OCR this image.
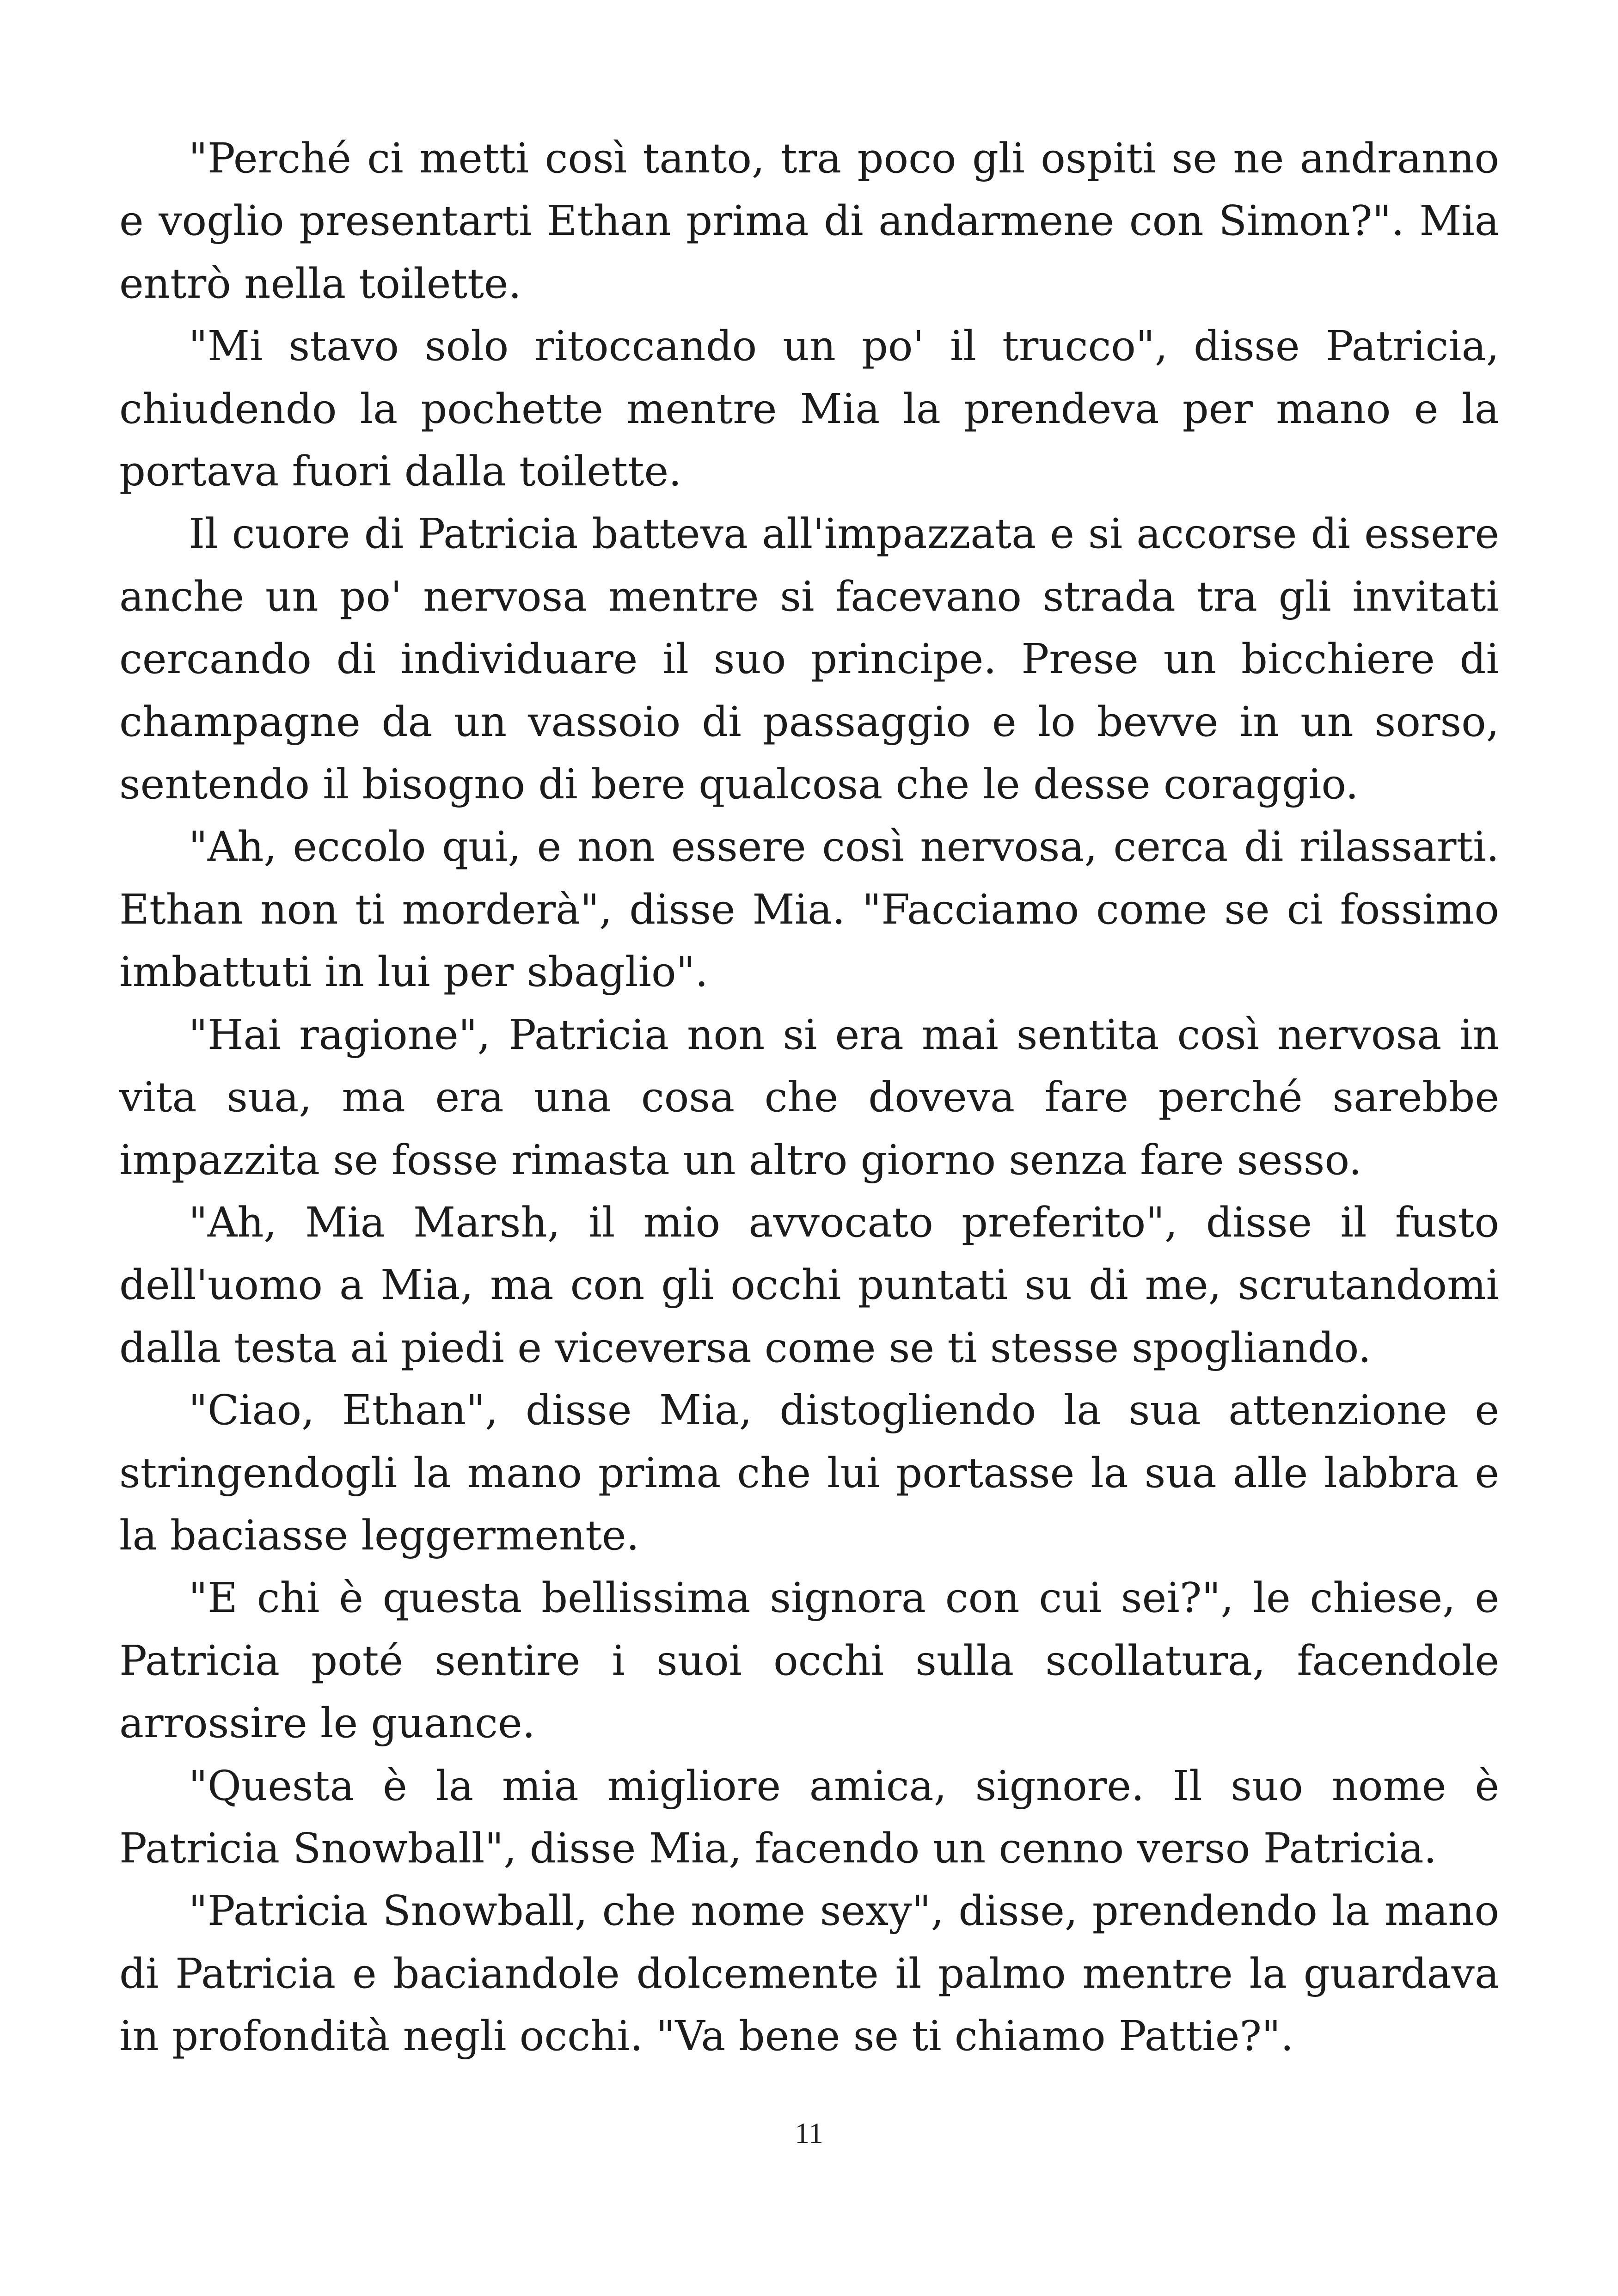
"Perché ci metti così tanto, tra poco gli ospiti se ne andranno e voglio presentarti Ethan prima di andarmene con Simon?". Mia entrò nella toilette.

"Mi stavo solo ritoccando un po' il trucco", disse Patricia, chiudendo la pochette mentre Mia la prendeva per mano e la portava fuori dalla toilette.

Il cuore di Patricia batteva all'impazzata e si accorse di essere anche un po' nervosa mentre si facevano strada tra gli invitati cercando di individuare il suo principe. Prese un bicchiere di champagne da un vassoio di passaggio e lo bevve in un sorso, sentendo il bisogno di bere qualcosa che le desse coraggio.

"Ah, eccolo qui, e non essere così nervosa, cerca di rilassarti. Ethan non ti morderà", disse Mia. "Facciamo come se ci fossimo imbattuti in lui per sbaglio".

"Hai ragione", Patricia non si era mai sentita così nervosa in vita sua, ma era una cosa che doveva fare perché sarebbe impazzita se fosse rimasta un altro giorno senza fare sesso.

"Ah, Mia Marsh, il mio avvocato preferito", disse il fusto dell'uomo a Mia, ma con gli occhi puntati su di me, scrutandomi dalla testa ai piedi e viceversa come se ti stesse spogliando.

"Ciao, Ethan", disse Mia, distogliendo la sua attenzione e stringendogli la mano prima che lui portasse la sua alle labbra e la baciasse leggermente.

"E chi è questa bellissima signora con cui sei?", le chiese, e Patricia poté sentire i suoi occhi sulla scollatura, facendole arrossire le guance.

"Questa è la mia migliore amica, signore. Il suo nome è Patricia Snowball", disse Mia, facendo un cenno verso Patricia.

"Patricia Snowball, che nome sexy", disse, prendendo la mano di Patricia e baciandole dolcemente il palmo mentre la guardava in profondità negli occhi. "Va bene se ti chiamo Pattie?".

11
